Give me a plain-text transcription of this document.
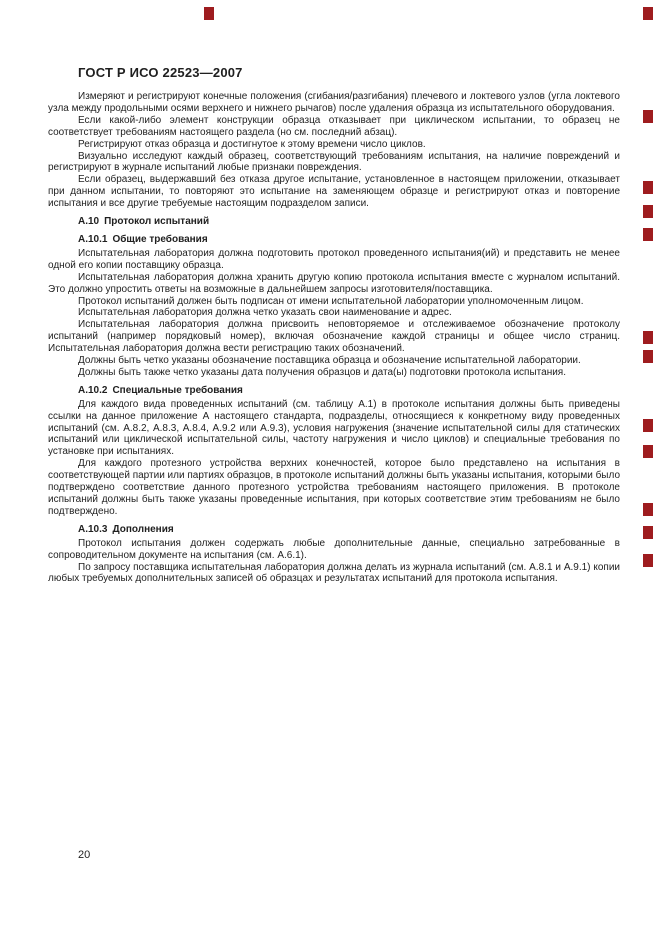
ГОСТ Р ИСО 22523—2007

Измеряют и регистрируют конечные положения (сгибания/разгибания) плечевого и локтевого узлов (угла локтевого узла между продольными осями верхнего и нижнего рычагов) после удаления образца из испытательного оборудования.

Если какой-либо элемент конструкции образца отказывает при циклическом испытании, то образец не соответствует требованиям настоящего раздела (но см. последний абзац).

Регистрируют отказ образца и достигнутое к этому времени число циклов.

Визуально исследуют каждый образец, соответствующий требованиям испытания, на наличие повреждений и регистрируют в журнале испытаний любые признаки повреждения.

Если образец, выдержавший без отказа другое испытание, установленное в настоящем приложении, отказывает при данном испытании, то повторяют это испытание на заменяющем образце и регистрируют отказ и повторение испытания и все другие требуемые настоящим подразделом записи.

А.10 Протокол испытаний

А.10.1 Общие требования

Испытательная лаборатория должна подготовить протокол проведенного испытания(ий) и представить не менее одной его копии поставщику образца.

Испытательная лаборатория должна хранить другую копию протокола испытания вместе с журналом испытаний. Это должно упростить ответы на возможные в дальнейшем запросы изготовителя/поставщика.

Протокол испытаний должен быть подписан от имени испытательной лаборатории уполномоченным лицом.

Испытательная лаборатория должна четко указать свои наименование и адрес.

Испытательная лаборатория должна присвоить неповторяемое и отслеживаемое обозначение протоколу испытаний (например порядковый номер), включая обозначение каждой страницы и общее число страниц. Испытательная лаборатория должна вести регистрацию таких обозначений.

Должны быть четко указаны обозначение поставщика образца и обозначение испытательной лаборатории.

Должны быть также четко указаны дата получения образцов и дата(ы) подготовки протокола испытания.

А.10.2 Специальные требования

Для каждого вида проведенных испытаний (см. таблицу А.1) в протоколе испытания должны быть приведены ссылки на данное приложение А настоящего стандарта, подразделы, относящиеся к конкретному виду проведенных испытаний (см. А.8.2, А.8.3, А.8.4, А.9.2 или А.9.3), условия нагружения (значение испытательной силы для статических испытаний или циклической испытательной силы, частоту нагружения и число циклов) и специальные требования по установке при испытаниях.

Для каждого протезного устройства верхних конечностей, которое было представлено на испытания в соответствующей партии или партиях образцов, в протоколе испытаний должны быть указаны испытания, которыми было подтверждено соответствие данного протезного устройства требованиям настоящего приложения. В протоколе испытаний должны быть также указаны проведенные испытания, при которых соответствие этим требованиям не было подтверждено.

А.10.3 Дополнения

Протокол испытания должен содержать любые дополнительные данные, специально затребованные в сопроводительном документе на испытания (см. А.6.1).

По запросу поставщика испытательная лаборатория должна делать из журнала испытаний (см. А.8.1 и А.9.1) копии любых требуемых дополнительных записей об образцах и результатах испытаний для протокола испытания.

20
